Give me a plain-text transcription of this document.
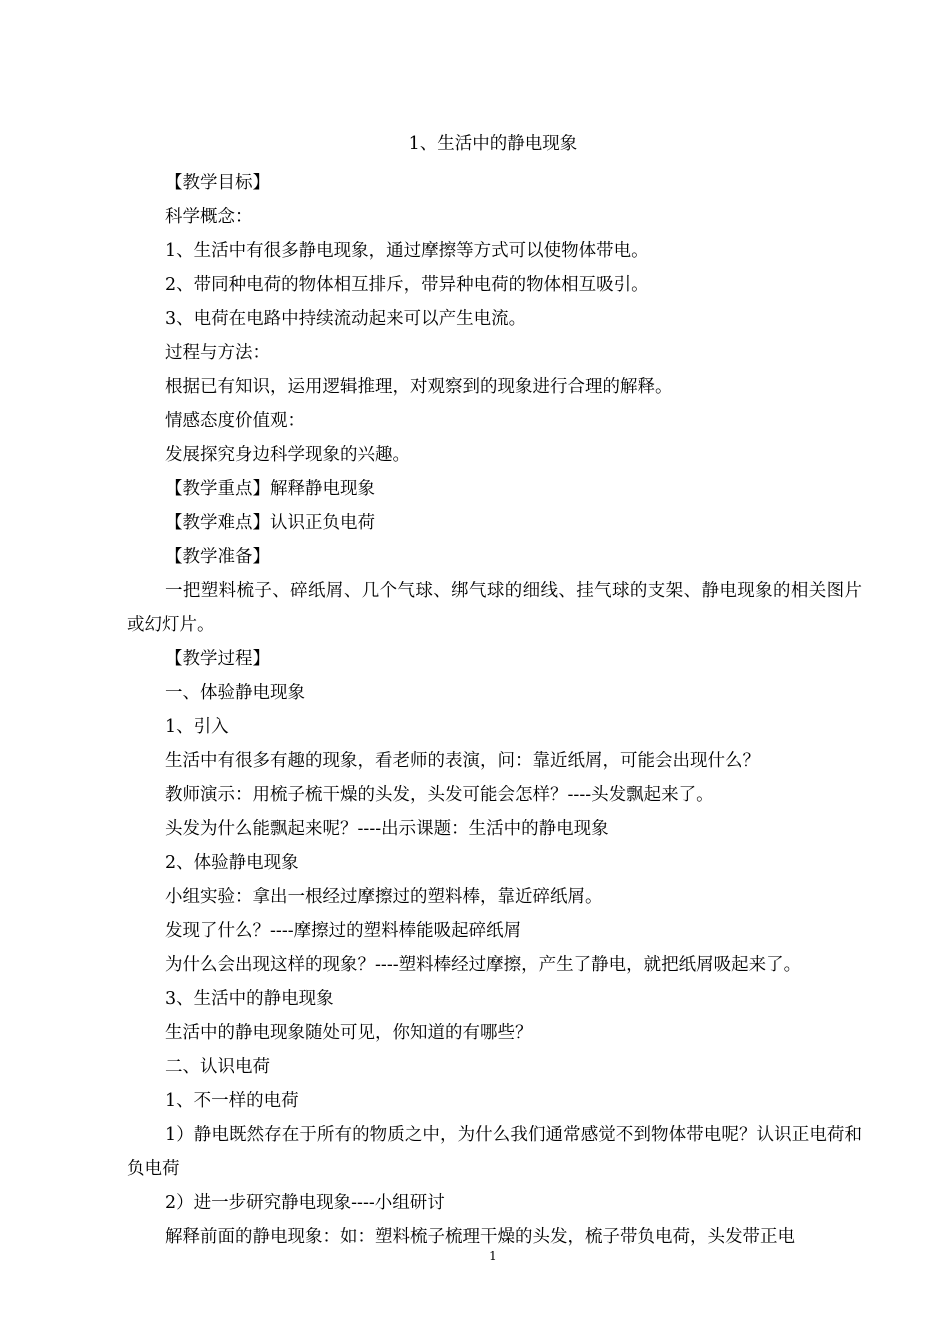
1、生活中的静电现象

【教学目标】

科学概念：

1、生活中有很多静电现象，通过摩擦等方式可以使物体带电。

2、带同种电荷的物体相互排斥，带异种电荷的物体相互吸引。

3、电荷在电路中持续流动起来可以产生电流。

过程与方法：

根据已有知识，运用逻辑推理，对观察到的现象进行合理的解释。

情感态度价值观：

发展探究身边科学现象的兴趣。

【教学重点】解释静电现象

【教学难点】认识正负电荷

【教学准备】

一把塑料梳子、碎纸屑、几个气球、绑气球的细线、挂气球的支架、静电现象的相关图片或幻灯片。

【教学过程】

一、体验静电现象

1、引入

生活中有很多有趣的现象，看老师的表演，问：靠近纸屑，可能会出现什么？

教师演示：用梳子梳干燥的头发，头发可能会怎样？----头发飘起来了。

头发为什么能飘起来呢？----出示课题：生活中的静电现象

2、体验静电现象

小组实验：拿出一根经过摩擦过的塑料棒，靠近碎纸屑。

发现了什么？----摩擦过的塑料棒能吸起碎纸屑

为什么会出现这样的现象？----塑料棒经过摩擦，产生了静电，就把纸屑吸起来了。

3、生活中的静电现象

生活中的静电现象随处可见，你知道的有哪些？

二、认识电荷

1、不一样的电荷

1）静电既然存在于所有的物质之中，为什么我们通常感觉不到物体带电呢？认识正电荷和负电荷

2）进一步研究静电现象----小组研讨

解释前面的静电现象：如：塑料梳子梳理干燥的头发，梳子带负电荷，头发带正电

1
